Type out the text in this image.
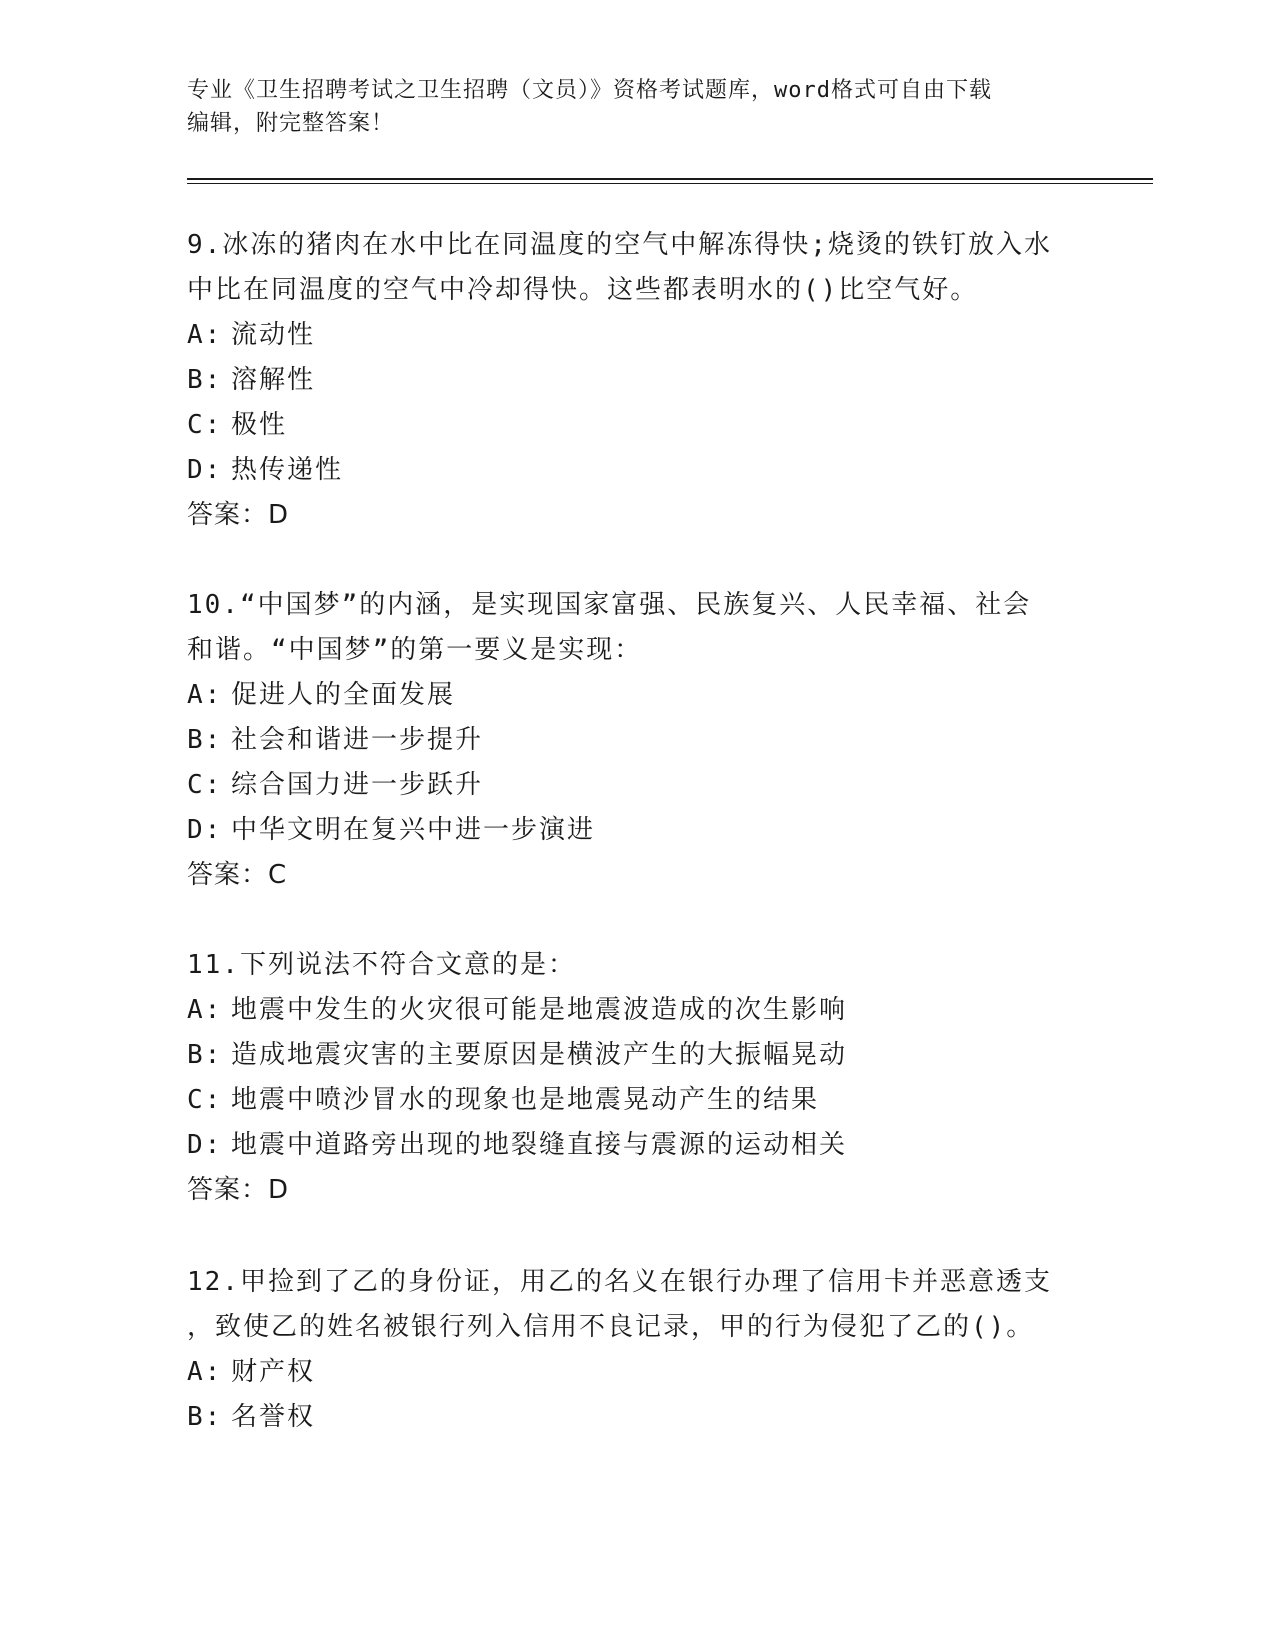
专业《卫生招聘考试之卫生招聘（文员）》资格考试题库，word格式可自由下载
编辑，附完整答案！
9.冰冻的猪肉在水中比在同温度的空气中解冻得快;烧烫的铁钉放入水
中比在同温度的空气中冷却得快。这些都表明水的()比空气好。
A: 流动性
B: 溶解性
C: 极性
D: 热传递性
答案：D
10.“中国梦”的内涵，是实现国家富强、民族复兴、人民幸福、社会
和谐。“中国梦”的第一要义是实现：
A: 促进人的全面发展
B: 社会和谐进一步提升
C: 综合国力进一步跃升
D: 中华文明在复兴中进一步演进
答案：C
11.下列说法不符合文意的是：
A: 地震中发生的火灾很可能是地震波造成的次生影响
B: 造成地震灾害的主要原因是横波产生的大振幅晃动
C: 地震中喷沙冒水的现象也是地震晃动产生的结果
D: 地震中道路旁出现的地裂缝直接与震源的运动相关
答案：D
12.甲捡到了乙的身份证，用乙的名义在银行办理了信用卡并恶意透支
，致使乙的姓名被银行列入信用不良记录，甲的行为侵犯了乙的()。
A: 财产权
B: 名誉权
